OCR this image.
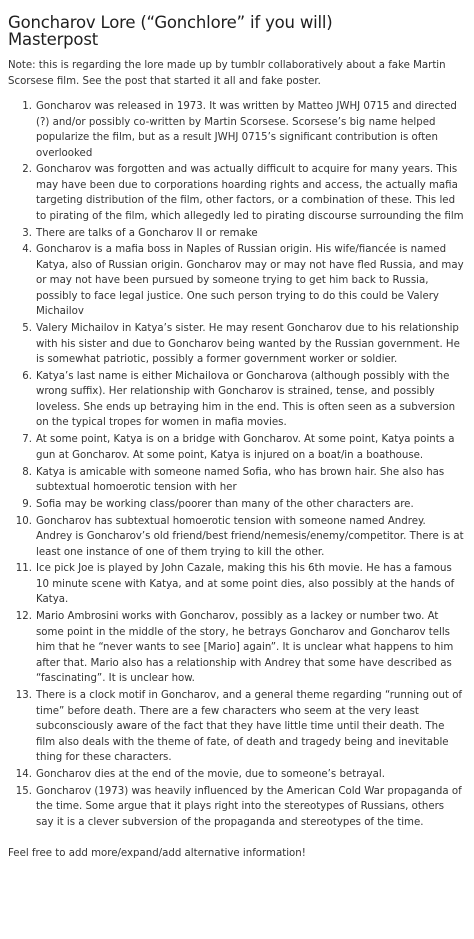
Goncharov Lore (“Gonchlore” if you will)
Masterpost

Note: this is regarding the lore made up by tumblr collaboratively about a fake Martin Scorsese film. See the post that started it all and fake poster.

1. Goncharov was released in 1973. It was written by Matteo JWHJ 0715 and directed (?) and/or possibly co-written by Martin Scorsese. Scorsese’s big name helped popularize the film, but as a result JWHJ 0715’s significant contribution is often overlooked
2. Goncharov was forgotten and was actually difficult to acquire for many years. This may have been due to corporations hoarding rights and access, the actually mafia targeting distribution of the film, other factors, or a combination of these. This led to pirating of the film, which allegedly led to pirating discourse surrounding the film
3. There are talks of a Goncharov II or remake
4. Goncharov is a mafia boss in Naples of Russian origin. His wife/fiancée is named Katya, also of Russian origin. Goncharov may or may not have fled Russia, and may or may not have been pursued by someone trying to get him back to Russia, possibly to face legal justice. One such person trying to do this could be Valery Michailov
5. Valery Michailov in Katya’s sister. He may resent Goncharov due to his relationship with his sister and due to Goncharov being wanted by the Russian government. He is somewhat patriotic, possibly a former government worker or soldier.
6. Katya’s last name is either Michailova or Goncharova (although possibly with the wrong suffix). Her relationship with Goncharov is strained, tense, and possibly loveless. She ends up betraying him in the end. This is often seen as a subversion on the typical tropes for women in mafia movies.
7. At some point, Katya is on a bridge with Goncharov. At some point, Katya points a gun at Goncharov. At some point, Katya is injured on a boat/in a boathouse.
8. Katya is amicable with someone named Sofia, who has brown hair. She also has subtextual homoerotic tension with her
9. Sofia may be working class/poorer than many of the other characters are.
10. Goncharov has subtextual homoerotic tension with someone named Andrey. Andrey is Goncharov’s old friend/best friend/nemesis/enemy/competitor. There is at least one instance of one of them trying to kill the other.
11. Ice pick Joe is played by John Cazale, making this his 6th movie. He has a famous 10 minute scene with Katya, and at some point dies, also possibly at the hands of Katya.
12. Mario Ambrosini works with Goncharov, possibly as a lackey or number two. At some point in the middle of the story, he betrays Goncharov and Goncharov tells him that he “never wants to see [Mario] again”. It is unclear what happens to him after that. Mario also has a relationship with Andrey that some have described as “fascinating”. It is unclear how.
13. There is a clock motif in Goncharov, and a general theme regarding “running out of time” before death. There are a few characters who seem at the very least subconsciously aware of the fact that they have little time until their death. The film also deals with the theme of fate, of death and tragedy being and inevitable thing for these characters.
14. Goncharov dies at the end of the movie, due to someone’s betrayal.
15. Goncharov (1973) was heavily influenced by the American Cold War propaganda of the time. Some argue that it plays right into the stereotypes of Russians, others say it is a clever subversion of the propaganda and stereotypes of the time.

Feel free to add more/expand/add alternative information!
